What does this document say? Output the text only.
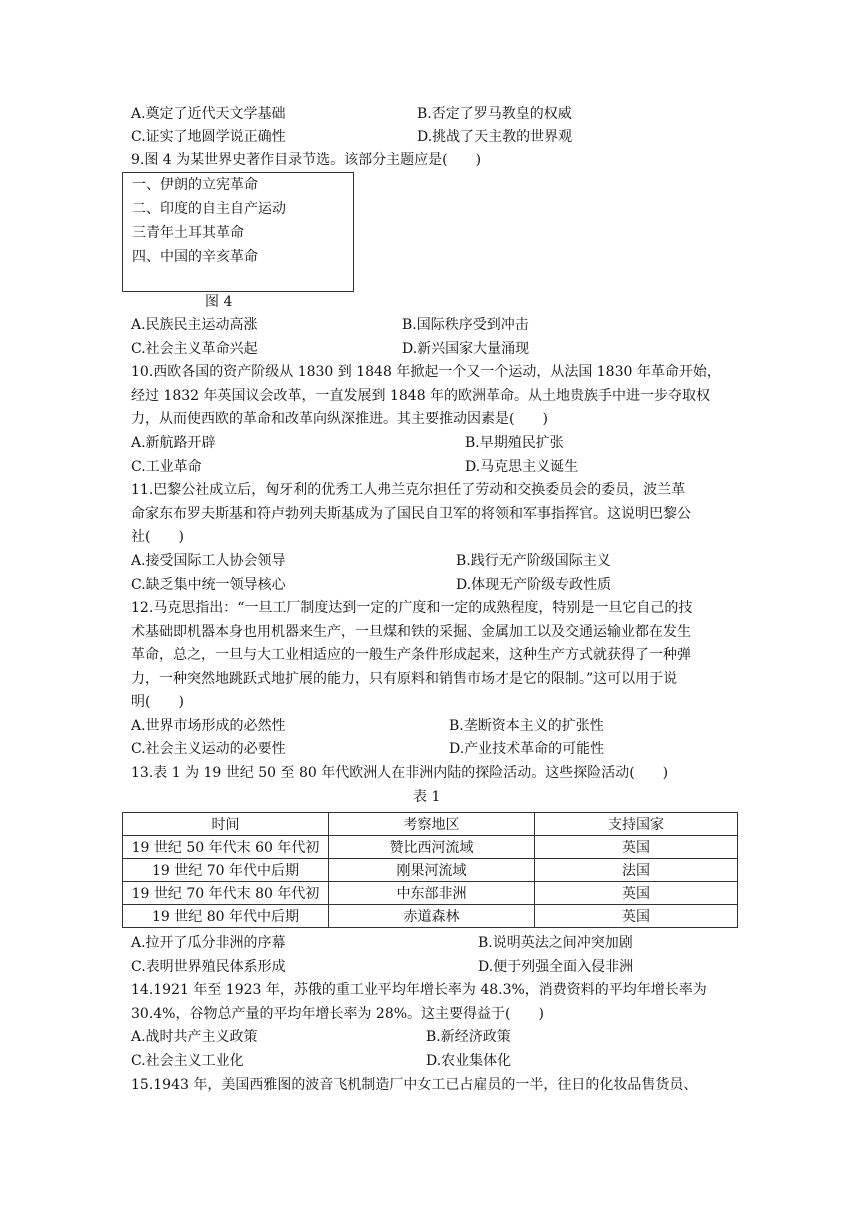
A.奠定了近代天文学基础	B.否定了罗马教皇的权威
C.证实了地圆学说正确性	D.挑战了天主教的世界观
9.图 4 为某世界史著作目录节选。该部分主题应是(　　)
一、伊朗的立宪革命
二、印度的自主自产运动
三青年土耳其革命
四、中国的辛亥革命
图 4
A.民族民主运动高涨	B.国际秩序受到冲击
C.社会主义革命兴起	D.新兴国家大量涌现
10.西欧各国的资产阶级从 1830 到 1848 年掀起一个又一个运动，从法国 1830 年革命开始，
经过 1832 年英国议会改革，一直发展到 1848 年的欧洲革命。从土地贵族手中进一步夺取权
力，从而使西欧的革命和改革向纵深推进。其主要推动因素是(　　)
A.新航路开辟	B.早期殖民扩张
C.工业革命	D.马克思主义诞生
11.巴黎公社成立后，匈牙利的优秀工人弗兰克尔担任了劳动和交换委员会的委员，波兰革
命家东布罗夫斯基和符卢勃列夫斯基成为了国民自卫军的将领和军事指挥官。这说明巴黎公
社(　　)
A.接受国际工人协会领导	B.践行无产阶级国际主义
C.缺乏集中统一领导核心	D.体现无产阶级专政性质
12.马克思指出：“一旦工厂制度达到一定的广度和一定的成熟程度，特别是一旦它自己的技
术基础即机器本身也用机器来生产，一旦煤和铁的采掘、金属加工以及交通运输业都在发生
革命，总之，一旦与大工业相适应的一般生产条件形成起来，这种生产方式就获得了一种弹
力，一种突然地跳跃式地扩展的能力，只有原料和销售市场才是它的限制。”这可以用于说
明(　　)
A.世界市场形成的必然性	B.垄断资本主义的扩张性
C.社会主义运动的必要性	D.产业技术革命的可能性
13.表 1 为 19 世纪 50 至 80 年代欧洲人在非洲内陆的探险活动。这些探险活动(　　)
表 1
时间	考察地区	支持国家
19 世纪 50 年代末 60 年代初	赞比西河流域	英国
19 世纪 70 年代中后期	刚果河流域	法国
19 世纪 70 年代末 80 年代初	中东部非洲	英国
19 世纪 80 年代中后期	赤道森林	英国
A.拉开了瓜分非洲的序幕	B.说明英法之间冲突加剧
C.表明世界殖民体系形成	D.便于列强全面入侵非洲
14.1921 年至 1923 年，苏俄的重工业平均年增长率为 48.3%，消费资料的平均年增长率为
30.4%，谷物总产量的平均年增长率为 28%。这主要得益于(　　)
A.战时共产主义政策	B.新经济政策
C.社会主义工业化	D.农业集体化
15.1943 年，美国西雅图的波音飞机制造厂中女工已占雇员的一半，往日的化妆品售货员、
